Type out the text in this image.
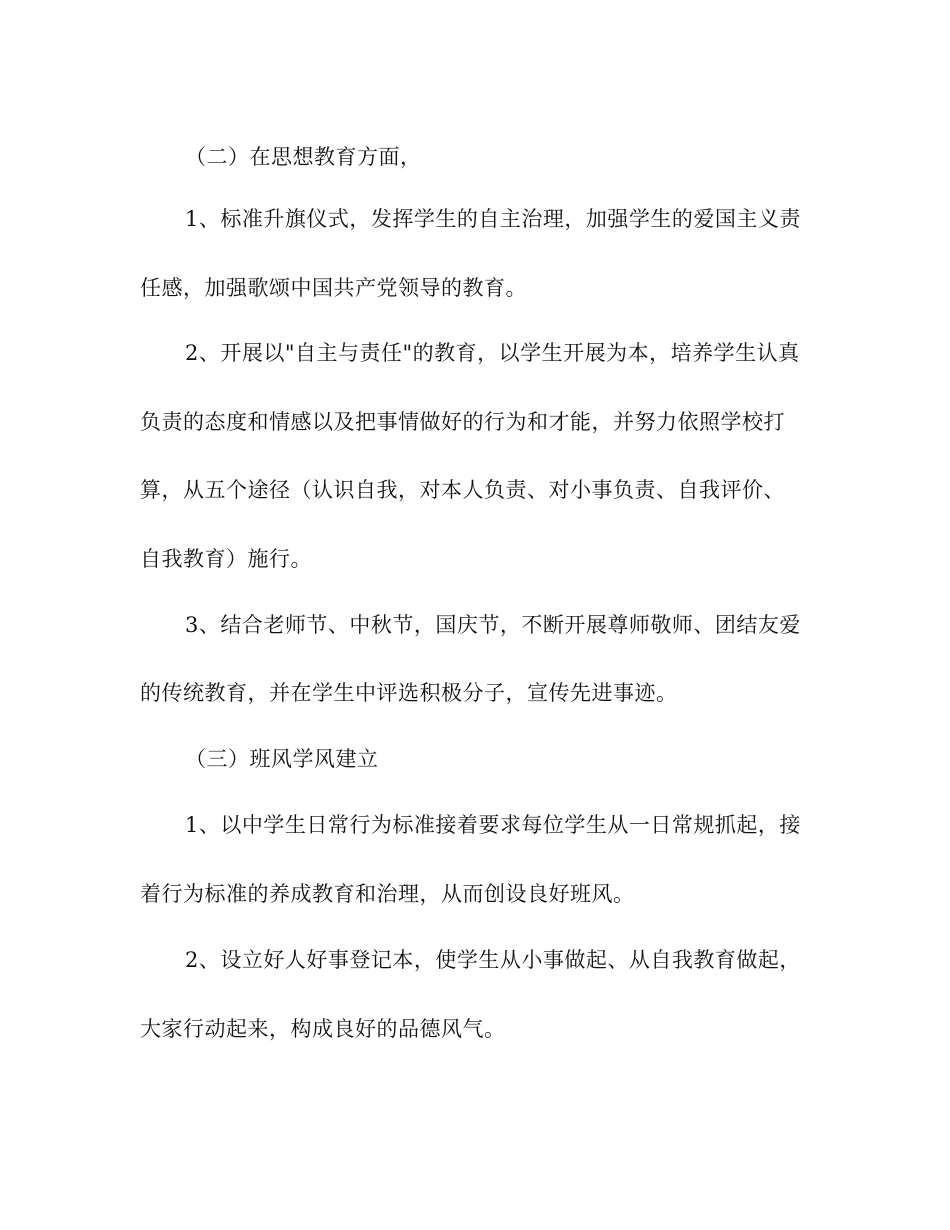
（二）在思想教育方面，
1、标准升旗仪式，发挥学生的自主治理，加强学生的爱国主义责
任感，加强歌颂中国共产党领导的教育。
2、开展以"自主与责任"的教育，以学生开展为本，培养学生认真
负责的态度和情感以及把事情做好的行为和才能，并努力依照学校打
算，从五个途径（认识自我，对本人负责、对小事负责、自我评价、
自我教育）施行。
3、结合老师节、中秋节，国庆节，不断开展尊师敬师、团结友爱
的传统教育，并在学生中评选积极分子，宣传先进事迹。
（三）班风学风建立
1、以中学生日常行为标准接着要求每位学生从一日常规抓起，接
着行为标准的养成教育和治理，从而创设良好班风。
2、设立好人好事登记本，使学生从小事做起、从自我教育做起，
大家行动起来，构成良好的品德风气。
